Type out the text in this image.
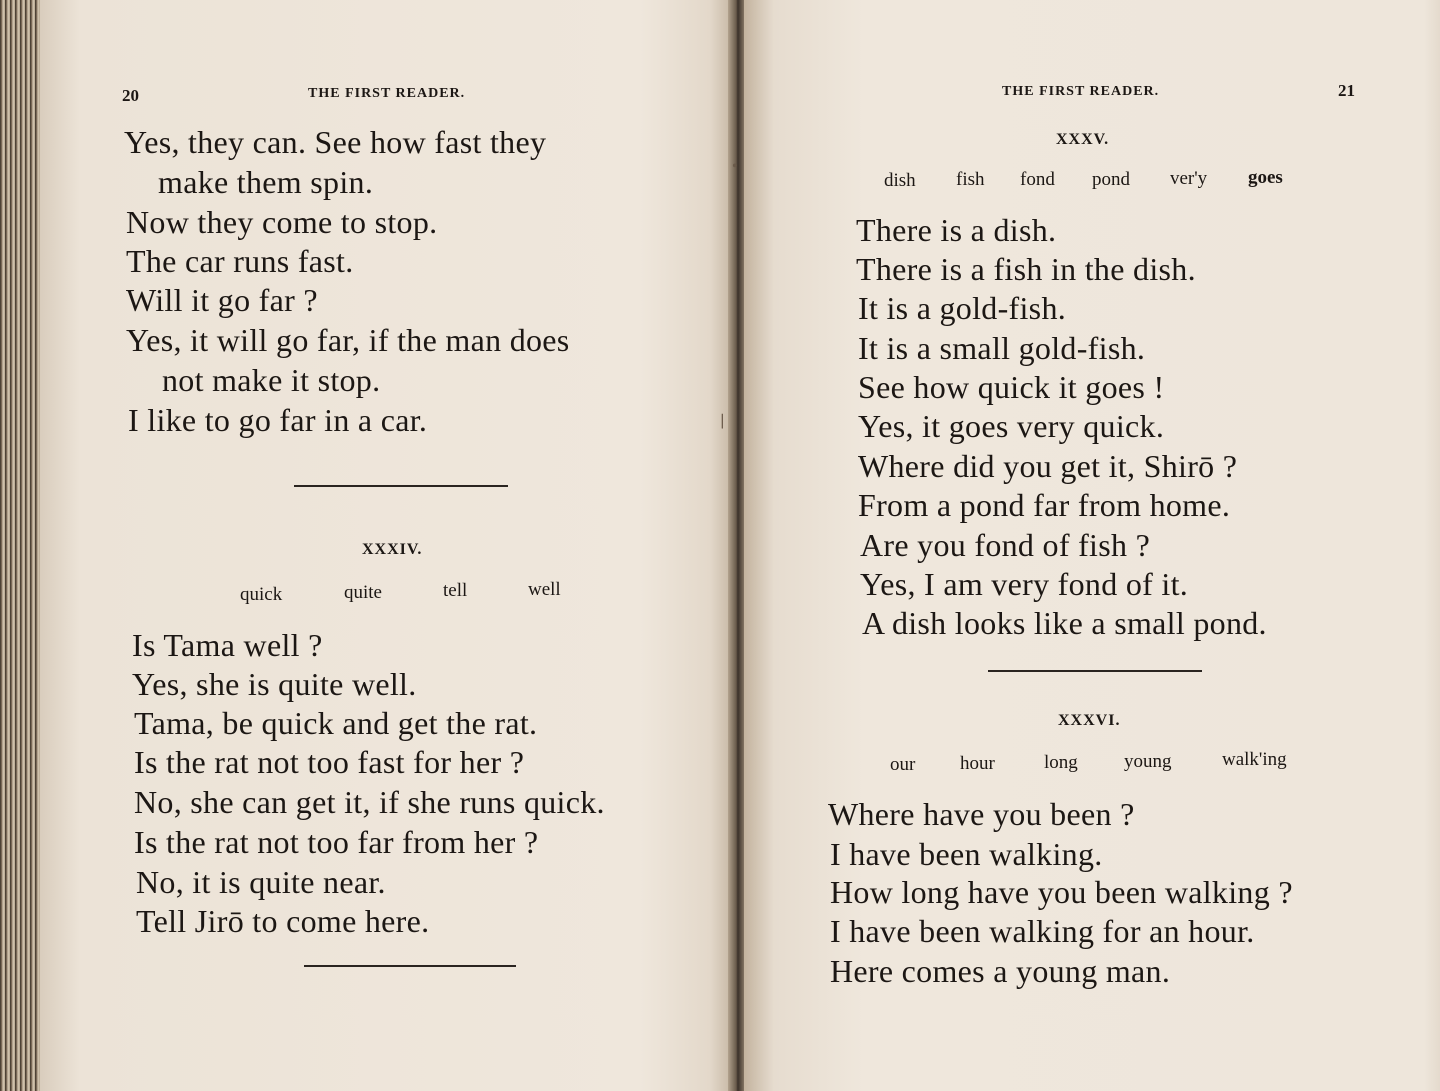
20	THE FIRST READER.
Yes, they can. See how fast they
make them spin.
Now they come to stop.
The car runs fast.
Will it go far ?
Yes, it will go far, if the man does
not make it stop.
I like to go far in a car.
XXXIV.
quick	quite	tell	well
Is Tama well ?
Yes, she is quite well.
Tama, be quick and get the rat.
Is the rat not too fast for her ?
No, she can get it, if she runs quick.
Is the rat not too far from her ?
No, it is quite near.
Tell Jirō to come here.
THE FIRST READER.	21
XXXV.
dish fish fond pond ver'y goes
There is a dish.
There is a fish in the dish.
It is a gold-fish.
It is a small gold-fish.
See how quick it goes !
Yes, it goes very quick.
Where did you get it, Shirō ?
From a pond far from home.
Are you fond of fish ?
Yes, I am very fond of it.
A dish looks like a small pond.
XXXVI.
our hour	long young	walk'ing
Where have you been ?
I have been walking.
How long have you been walking ?
I have been walking for an hour.
Here comes a young man.
•
∣
